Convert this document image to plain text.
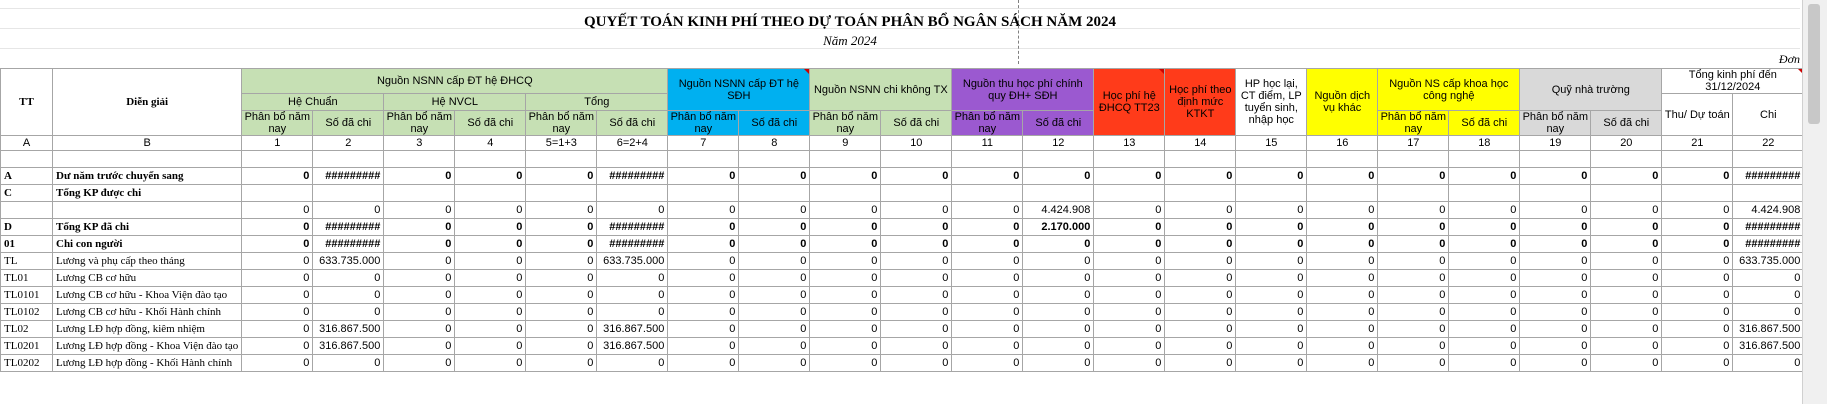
QUYẾT TOÁN KINH PHÍ THEO DỰ TOÁN PHÂN BỔ NGÂN SÁCH NĂM 2024
Năm 2024
Đơn
TT	Diễn giải	Nguồn NSNN cấp ĐT hệ ĐHCQ						Nguồn NSNN cấp ĐT hệ SĐH		Nguồn NSNN chi không TX		Nguồn thu học phí chính quy ĐH+ SĐH		Học phí hệ ĐHCQ TT23	Học phí theo định mức KTKT	HP học lại, CT điểm, LP tuyển sinh, nhập học	Nguồn dịch vụ khác	Nguồn NS cấp khoa học công nghệ		Quỹ nhà trường		Tổng kinh phí đến 31/12/2024	
		Hệ Chuẩn		Hệ NVCL		Tổng																Thu/ Dự toán	Chi
		Phân bổ năm nay	Số đã chi	Phân bổ năm nay	Số đã chi	Phân bổ năm nay	Số đã chi	Phân bổ năm nay	Số đã chi	Phân bổ năm nay	Số đã chi	Phân bổ năm nay	Số đã chi					Phân bổ năm nay	Số đã chi	Phân bổ năm nay	Số đã chi		
A	B	1	2	3	4	5=1+3	6=2+4	7	8	9	10	11	12	13	14	15	16	17	18	19	20	21	22

A	Dư năm trước chuyển sang	0	#########	0	0	0	#########	0	0	0	0	0	0	0	0	0	0	0	0	0	0	0	#########
C	Tổng KP được chi																						
		0	0	0	0	0	0	0	0	0	0	0	4.424.908	0	0	0	0	0	0	0	0	0	4.424.908
D	Tổng KP đã chi	0	#########	0	0	0	#########	0	0	0	0	0	2.170.000	0	0	0	0	0	0	0	0	0	#########
01	Chi con người	0	#########	0	0	0	#########	0	0	0	0	0	0	0	0	0	0	0	0	0	0	0	#########
TL	Lương và phụ cấp theo tháng	0	633.735.000	0	0	0	633.735.000	0	0	0	0	0	0	0	0	0	0	0	0	0	0	0	633.735.000
TL01	Lương CB cơ hữu	0	0	0	0	0	0	0	0	0	0	0	0	0	0	0	0	0	0	0	0	0	0
TL0101	Lương CB cơ hữu - Khoa Viện đào tạo	0	0	0	0	0	0	0	0	0	0	0	0	0	0	0	0	0	0	0	0	0	0
TL0102	Lương CB cơ hữu - Khối Hành chính	0	0	0	0	0	0	0	0	0	0	0	0	0	0	0	0	0	0	0	0	0	0
TL02	Lương LĐ hợp đồng, kiêm nhiệm	0	316.867.500	0	0	0	316.867.500	0	0	0	0	0	0	0	0	0	0	0	0	0	0	0	316.867.500
TL0201	Lương LĐ hợp đồng - Khoa Viện đào tạo	0	316.867.500	0	0	0	316.867.500	0	0	0	0	0	0	0	0	0	0	0	0	0	0	0	316.867.500
TL0202	Lương LĐ hợp đồng - Khối Hành chính	0	0	0	0	0	0	0	0	0	0	0	0	0	0	0	0	0	0	0	0	0	0
